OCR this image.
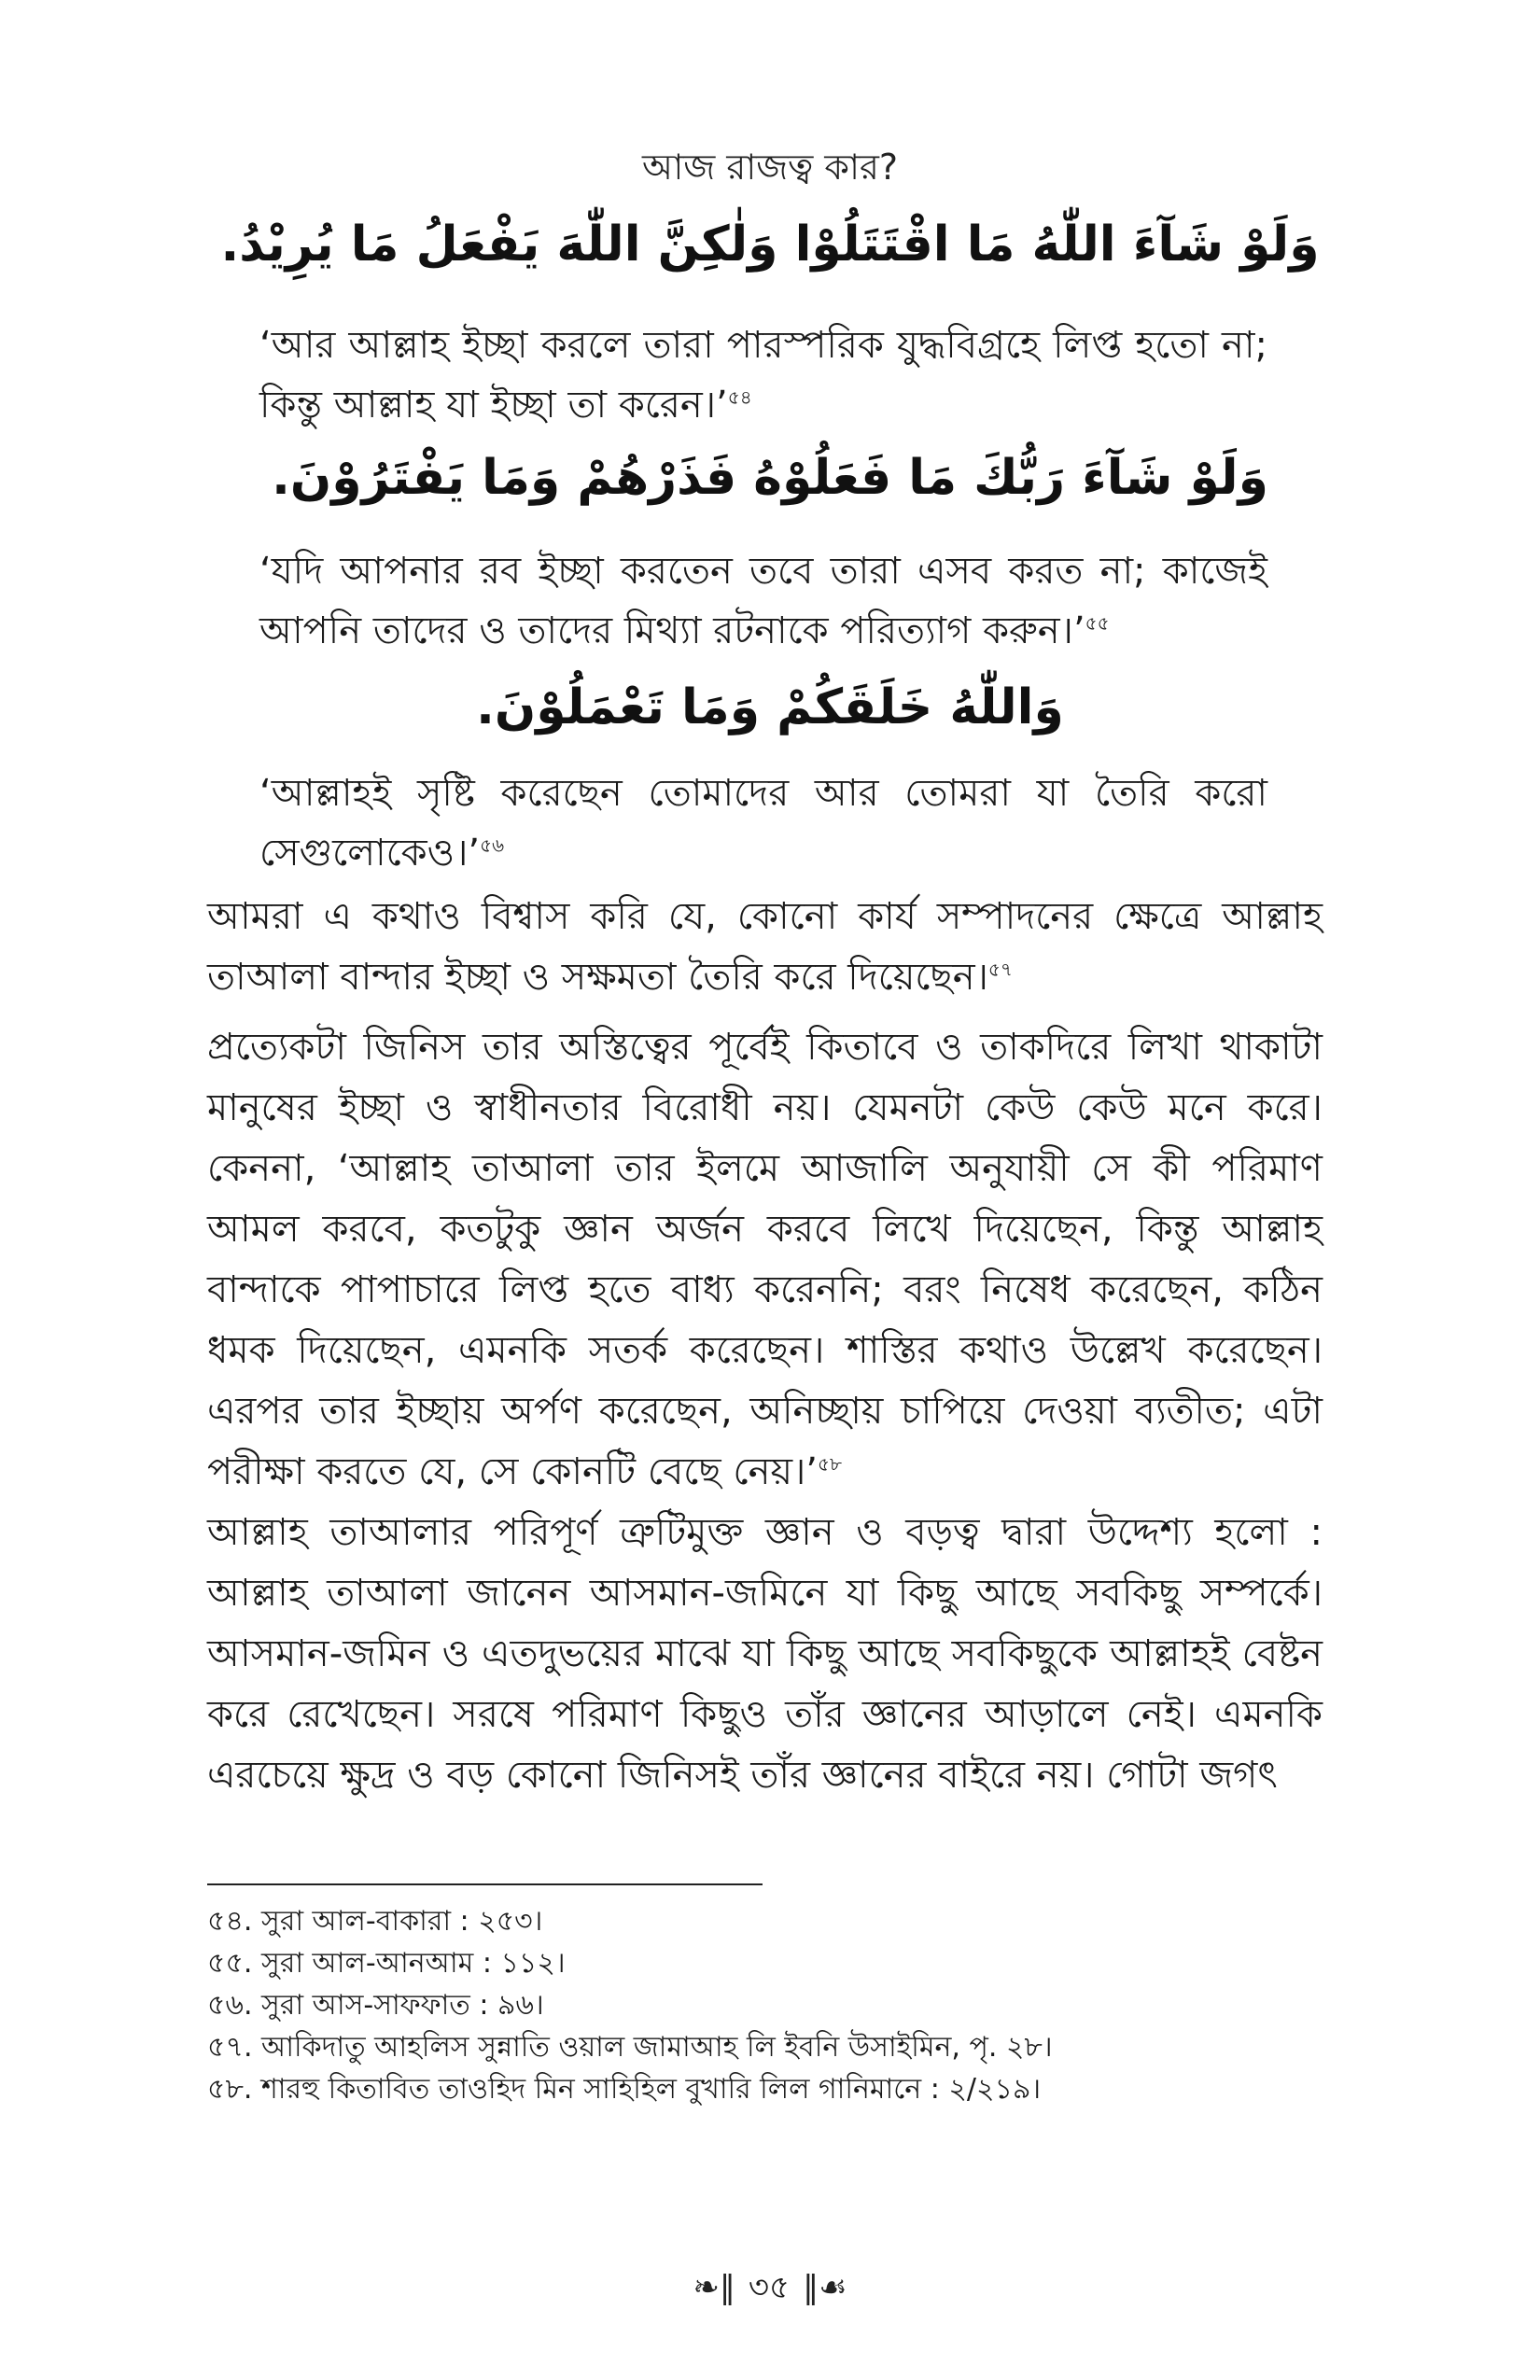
আজ রাজত্ব কার?
وَلَوْ شَآءَ اللّٰهُ مَا اقْتَتَلُوْا وَلٰكِنَّ اللّٰهَ يَفْعَلُ مَا يُرِيْدُ.
‘আর আল্লাহ ইচ্ছা করলে তারা পারস্পরিক যুদ্ধবিগ্রহে লিপ্ত হতো না; কিন্তু আল্লাহ যা ইচ্ছা তা করেন।’$^{৫৪}$
وَلَوْ شَآءَ رَبُّكَ مَا فَعَلُوْهُ فَذَرْهُمْ وَمَا يَفْتَرُوْنَ.
‘যদি আপনার রব ইচ্ছা করতেন তবে তারা এসব করত না; কাজেই আপনি তাদের ও তাদের মিথ্যা রটনাকে পরিত্যাগ করুন।’$^{৫৫}$
وَاللّٰهُ خَلَقَكُمْ وَمَا تَعْمَلُوْنَ.
‘আল্লাহই সৃষ্টি করেছেন তোমাদের আর তোমরা যা তৈরি করো সেগুলোকেও।’$^{৫৬}$
আমরা এ কথাও বিশ্বাস করি যে, কোনো কার্য সম্পাদনের ক্ষেত্রে আল্লাহ তাআলা বান্দার ইচ্ছা ও সক্ষমতা তৈরি করে দিয়েছেন।$^{৫৭}$
প্রত্যেকটা জিনিস তার অস্তিত্বের পূর্বেই কিতাবে ও তাকদিরে লিখা থাকাটা মানুষের ইচ্ছা ও স্বাধীনতার বিরোধী নয়। যেমনটা কেউ কেউ মনে করে। কেননা, ‘আল্লাহ তাআলা তার ইলমে আজালি অনুযায়ী সে কী পরিমাণ আমল করবে, কতটুকু জ্ঞান অর্জন করবে লিখে দিয়েছেন, কিন্তু আল্লাহ বান্দাকে পাপাচারে লিপ্ত হতে বাধ্য করেননি; বরং নিষেধ করেছেন, কঠিন ধমক দিয়েছেন, এমনকি সতর্ক করেছেন। শাস্তির কথাও উল্লেখ করেছেন। এরপর তার ইচ্ছায় অর্পণ করেছেন, অনিচ্ছায় চাপিয়ে দেওয়া ব্যতীত; এটা পরীক্ষা করতে যে, সে কোনটি বেছে নেয়।’$^{৫৮}$
আল্লাহ তাআলার পরিপূর্ণ ত্রুটিমুক্ত জ্ঞান ও বড়ত্ব দ্বারা উদ্দেশ্য হলো : আল্লাহ তাআলা জানেন আসমান-জমিনে যা কিছু আছে সবকিছু সম্পর্কে। আসমান-জমিন ও এতদুভয়ের মাঝে যা কিছু আছে সবকিছুকে আল্লাহই বেষ্টন করে রেখেছেন। সরষে পরিমাণ কিছুও তাঁর জ্ঞানের আড়ালে নেই। এমনকি এরচেয়ে ক্ষুদ্র ও বড় কোনো জিনিসই তাঁর জ্ঞানের বাইরে নয়। গোটা জগৎ
৫৪. সুরা আল-বাকারা : ২৫৩।
৫৫. সুরা আল-আনআম : ১১২।
৫৬. সুরা আস-সাফফাত : ৯৬।
৫৭. আকিদাতু আহলিস সুন্নাতি ওয়াল জামাআহ লি ইবনি উসাইমিন, পৃ. ২৮।
৫৮. শারহু কিতাবিত তাওহিদ মিন সাহিহিল বুখারি লিল গানিমানে : ২/২১৯।
❧‖ ৩৫ ‖☙
